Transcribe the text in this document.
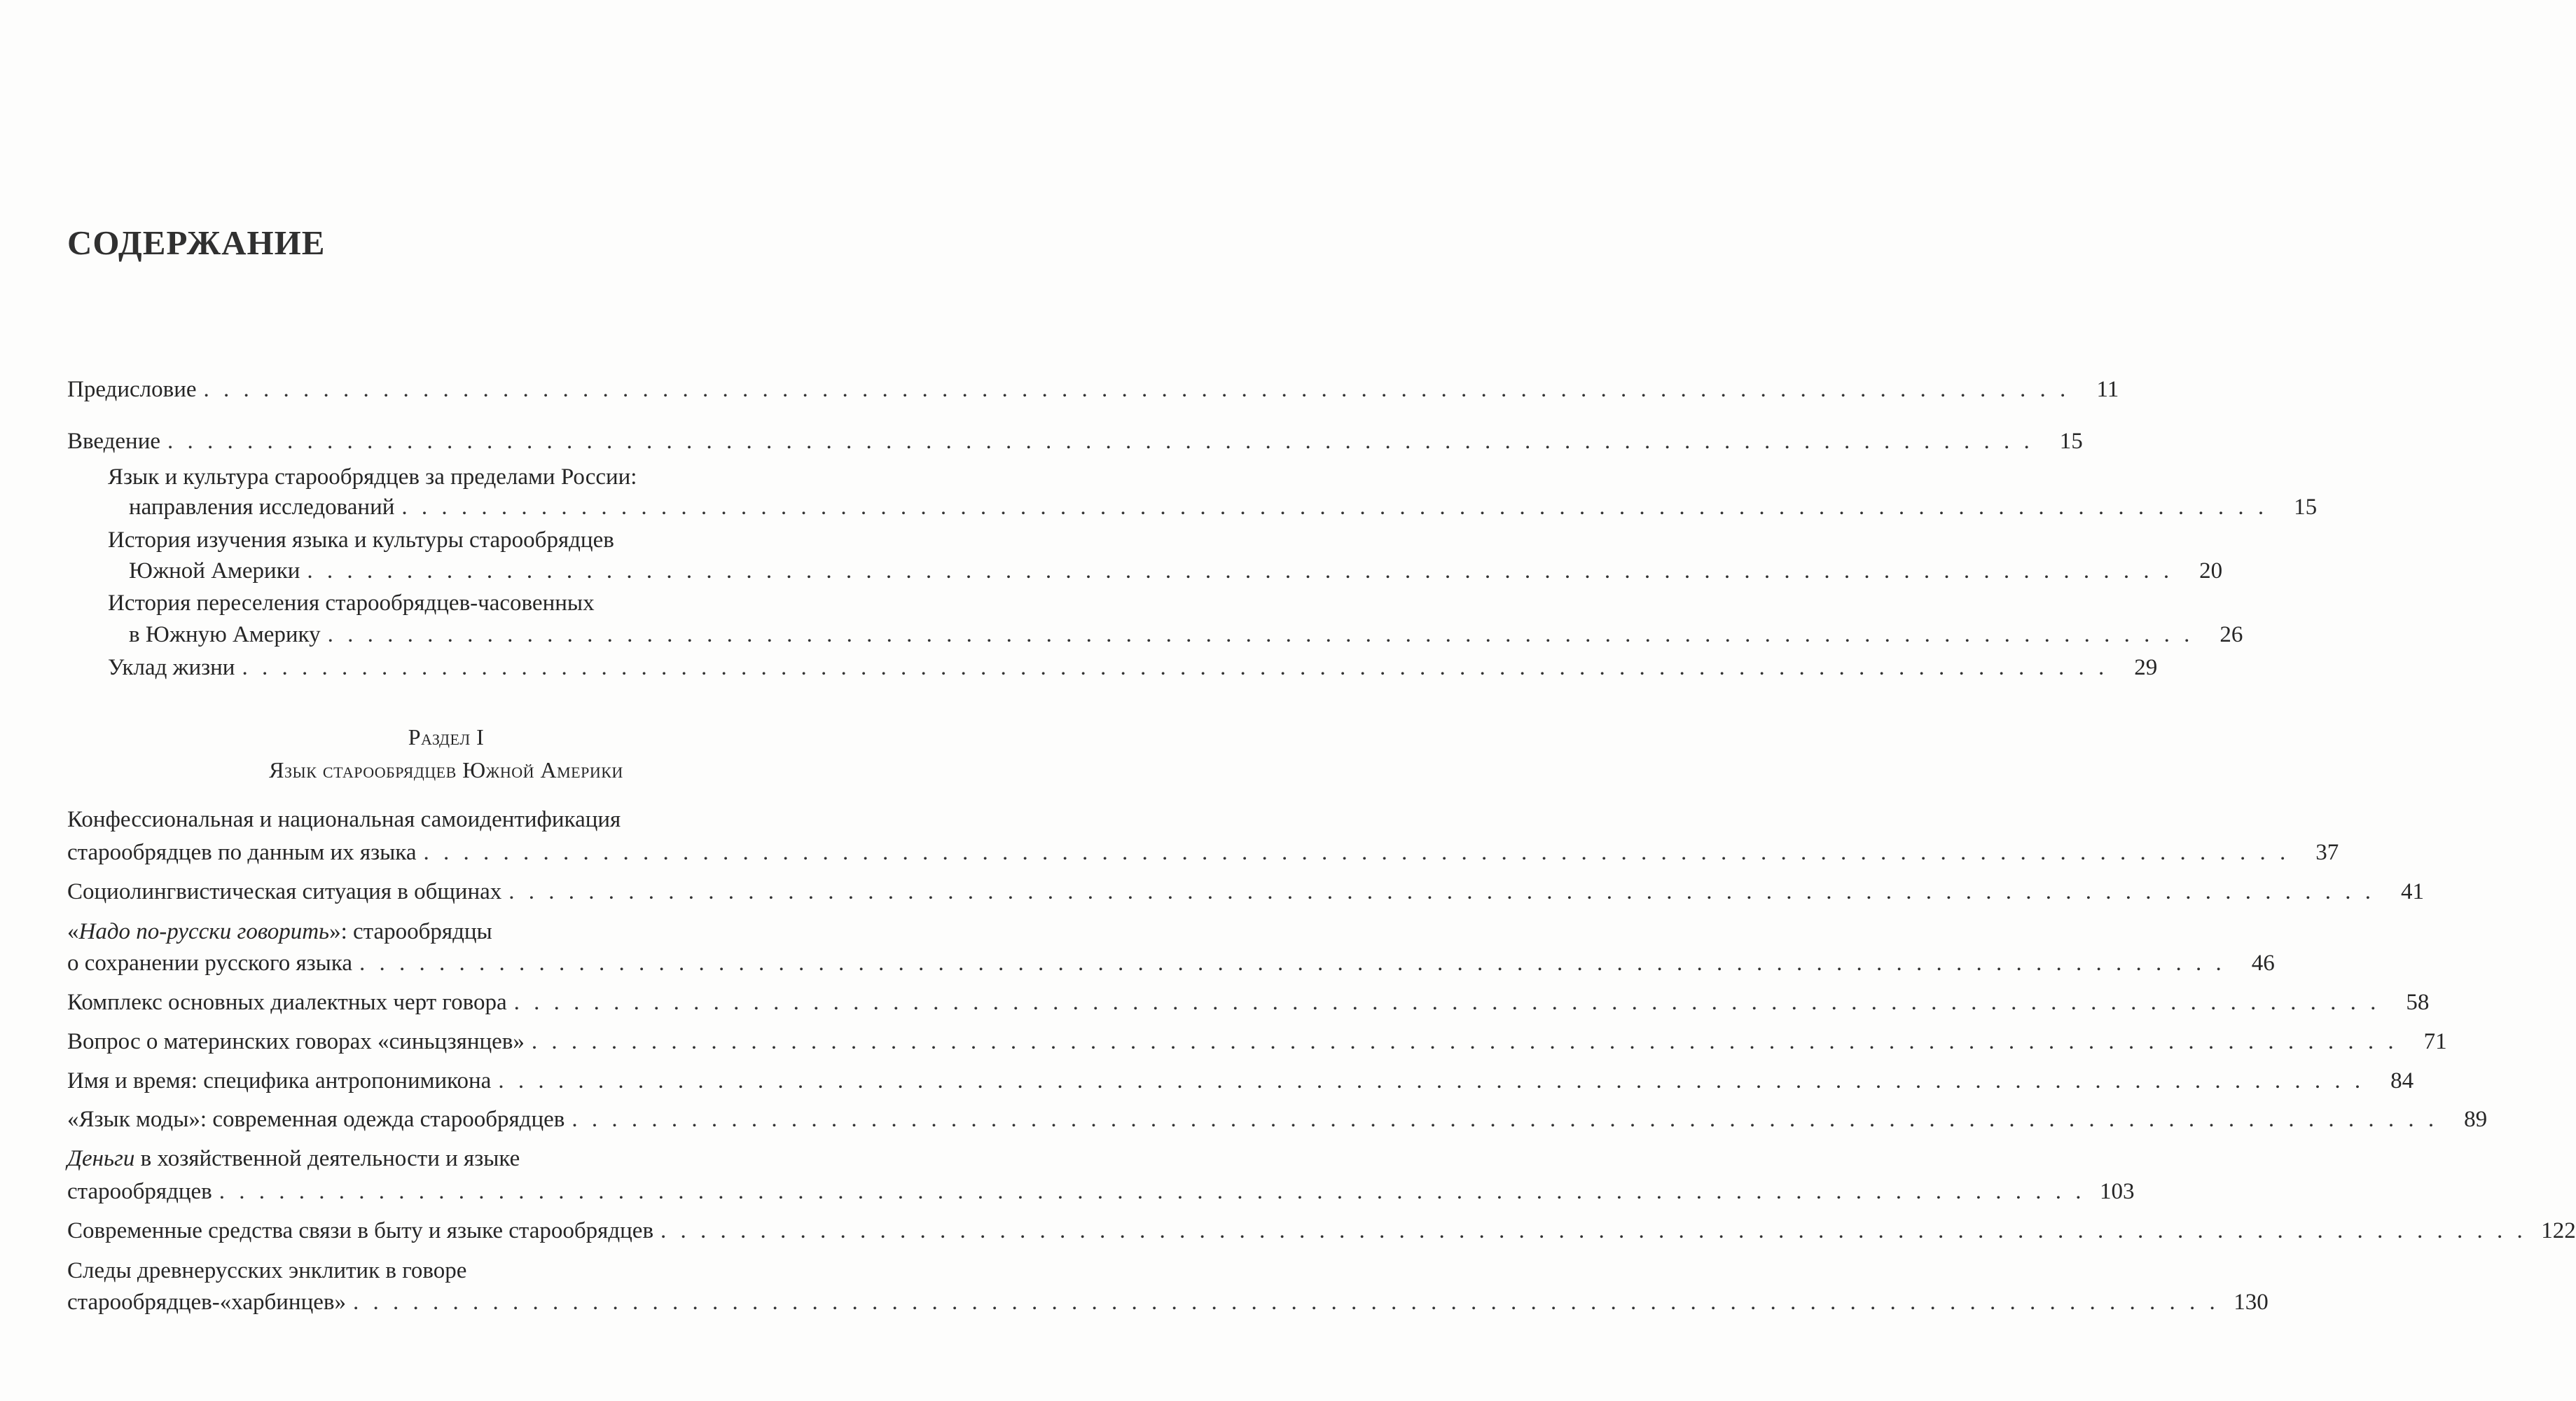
СОДЕРЖАНИЕ
Предисловие . . . . . . . . . . . . . . . . . . . . . . . . . . . . . . . . . . . . . . . . . . . . . . . . . . . . . . . . . . . . . . . . . . . . . . . . . . . . . . . . . . . . . . . . . . . . . .	11
Введение . . . . . . . . . . . . . . . . . . . . . . . . . . . . . . . . . . . . . . . . . . . . . . . . . . . . . . . . . . . . . . . . . . . . . . . . . . . . . . . . . . . . . . . . . . . . . .	15
Язык и культура старообрядцев за пределами России:
направления исследований . . . . . . . . . . . . . . . . . . . . . . . . . . . . . . . . . . . . . . . . . . . . . . . . . . . . . . . . . . . . . . . . . . . . . . . . . . . . . . . . . . . . . . . . . . . . . .	15
История изучения языка и культуры старообрядцев
Южной Америки . . . . . . . . . . . . . . . . . . . . . . . . . . . . . . . . . . . . . . . . . . . . . . . . . . . . . . . . . . . . . . . . . . . . . . . . . . . . . . . . . . . . . . . . . . . . . .	20
История переселения старообрядцев-часовенных
в Южную Америку . . . . . . . . . . . . . . . . . . . . . . . . . . . . . . . . . . . . . . . . . . . . . . . . . . . . . . . . . . . . . . . . . . . . . . . . . . . . . . . . . . . . . . . . . . . . . .	26
Уклад жизни . . . . . . . . . . . . . . . . . . . . . . . . . . . . . . . . . . . . . . . . . . . . . . . . . . . . . . . . . . . . . . . . . . . . . . . . . . . . . . . . . . . . . . . . . . . . . .	29
Раздел I
Язык старообрядцев Южной Америки
Конфессиональная и национальная самоидентификация
старообрядцев по данным их языка . . . . . . . . . . . . . . . . . . . . . . . . . . . . . . . . . . . . . . . . . . . . . . . . . . . . . . . . . . . . . . . . . . . . . . . . . . . . . . . . . . . . . . . . . . . . . .	37
Социолингвистическая ситуация в общинах . . . . . . . . . . . . . . . . . . . . . . . . . . . . . . . . . . . . . . . . . . . . . . . . . . . . . . . . . . . . . . . . . . . . . . . . . . . . . . . . . . . . . . . . . . . . . .	41
«Надо по-русски говорить»: старообрядцы
о сохранении русского языка . . . . . . . . . . . . . . . . . . . . . . . . . . . . . . . . . . . . . . . . . . . . . . . . . . . . . . . . . . . . . . . . . . . . . . . . . . . . . . . . . . . . . . . . . . . . . .	46
Комплекс основных диалектных черт говора . . . . . . . . . . . . . . . . . . . . . . . . . . . . . . . . . . . . . . . . . . . . . . . . . . . . . . . . . . . . . . . . . . . . . . . . . . . . . . . . . . . . . . . . . . . . . .	58
Вопрос о материнских говорах «синьцзянцев» . . . . . . . . . . . . . . . . . . . . . . . . . . . . . . . . . . . . . . . . . . . . . . . . . . . . . . . . . . . . . . . . . . . . . . . . . . . . . . . . . . . . . . . . . . . . . .	71
Имя и время: специфика антропонимикона . . . . . . . . . . . . . . . . . . . . . . . . . . . . . . . . . . . . . . . . . . . . . . . . . . . . . . . . . . . . . . . . . . . . . . . . . . . . . . . . . . . . . . . . . . . . . .	84
«Язык моды»: современная одежда старообрядцев . . . . . . . . . . . . . . . . . . . . . . . . . . . . . . . . . . . . . . . . . . . . . . . . . . . . . . . . . . . . . . . . . . . . . . . . . . . . . . . . . . . . . . . . . . . . . .	89
Деньги в хозяйственной деятельности и языке
старообрядцев . . . . . . . . . . . . . . . . . . . . . . . . . . . . . . . . . . . . . . . . . . . . . . . . . . . . . . . . . . . . . . . . . . . . . . . . . . . . . . . . . . . . . . . . . . . . . . 103
Современные средства связи в быту и языке старообрядцев . . . . . . . . . . . . . . . . . . . . . . . . . . . . . . . . . . . . . . . . . . . . . . . . . . . . . . . . . . . . . . . . . . . . . . . . . . . . . . . . . . . . . . . . . . . . . . 122
Следы древнерусских энклитик в говоре
старообрядцев-«харбинцев» . . . . . . . . . . . . . . . . . . . . . . . . . . . . . . . . . . . . . . . . . . . . . . . . . . . . . . . . . . . . . . . . . . . . . . . . . . . . . . . . . . . . . . . . . . . . . . 130
